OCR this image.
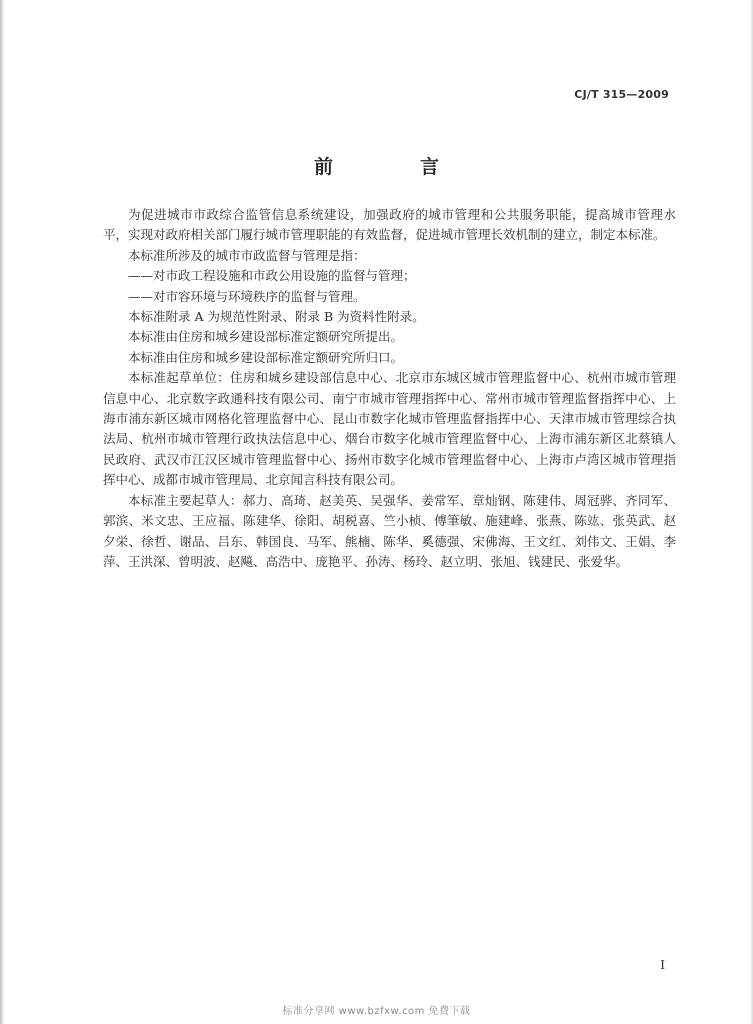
CJ/T 315—2009
前　言

为促进城市市政综合监管信息系统建设，加强政府的城市管理和公共服务职能，提高城市管理水平，实现对政府相关部门履行城市管理职能的有效监督，促进城市管理长效机制的建立，制定本标准。

本标准所涉及的城市市政监督与管理是指：

——对市政工程设施和市政公用设施的监督与管理；

——对市容环境与环境秩序的监督与管理。

本标准附录 A 为规范性附录、附录 B 为资料性附录。

本标准由住房和城乡建设部标准定额研究所提出。

本标准由住房和城乡建设部标准定额研究所归口。

本标准起草单位：住房和城乡建设部信息中心、北京市东城区城市管理监督中心、杭州市城市管理信息中心、北京数字政通科技有限公司、南宁市城市管理指挥中心、常州市城市管理监督指挥中心、上海市浦东新区城市网格化管理监督中心、昆山市数字化城市管理监督指挥中心、天津市城市管理综合执法局、杭州市城市管理行政执法信息中心、烟台市数字化城市管理监督中心、上海市浦东新区北蔡镇人民政府、武汉市江汉区城市管理监督中心、扬州市数字化城市管理监督中心、上海市卢湾区城市管理指挥中心、成都市城市管理局、北京闻言科技有限公司。

本标准主要起草人：郝力、高琦、赵美英、吴强华、姜常军、章灿钢、陈建伟、周冠骅、齐同军、郭滨、米文忠、王应福、陈建华、徐阳、胡税喜、竺小桢、傅筆敏、施建峰、张燕、陈竑、张英武、赵夕栄、徐哲、谢品、吕东、韩国良、马军、熊楠、陈华、奚德强、宋佛海、王文红、刘伟文、王娟、李萍、王洪深、曾明波、赵飚、高浩中、庞艳平、孙涛、杨玲、赵立明、张旭、钱建民、张爱华。

I
标准分享网 www.bzfxw.com 免费下载
